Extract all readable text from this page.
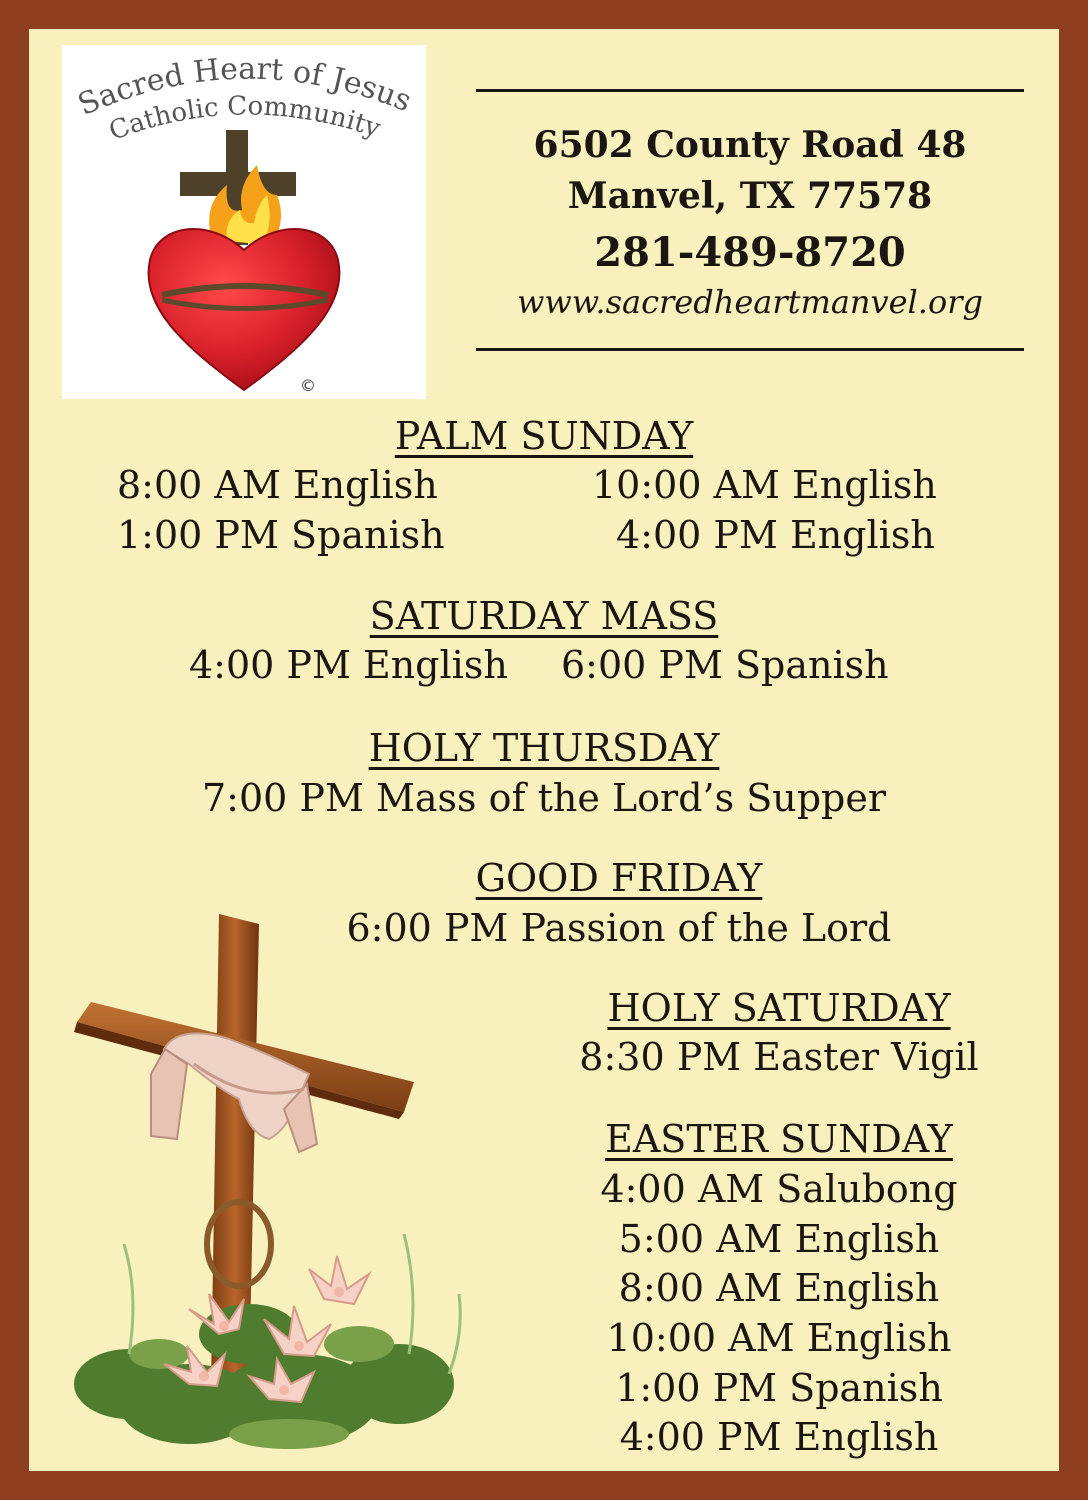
Sacred Heart of Jesus
Catholic Community
©
6502 County Road 48
Manvel, TX 77578
281-489-8720
www.sacredheartmanvel.org
PALM SUNDAY
8:00 AM English	10:00 AM English
1:00 PM Spanish	4:00 PM English
SATURDAY MASS
4:00 PM English 6:00 PM Spanish
HOLY THURSDAY
7:00 PM Mass of the Lord’s Supper
GOOD FRIDAY
6:00 PM Passion of the Lord
HOLY SATURDAY
8:30 PM Easter Vigil
EASTER SUNDAY
4:00 AM Salubong
5:00 AM English
8:00 AM English
10:00 AM English
1:00 PM Spanish
4:00 PM English
